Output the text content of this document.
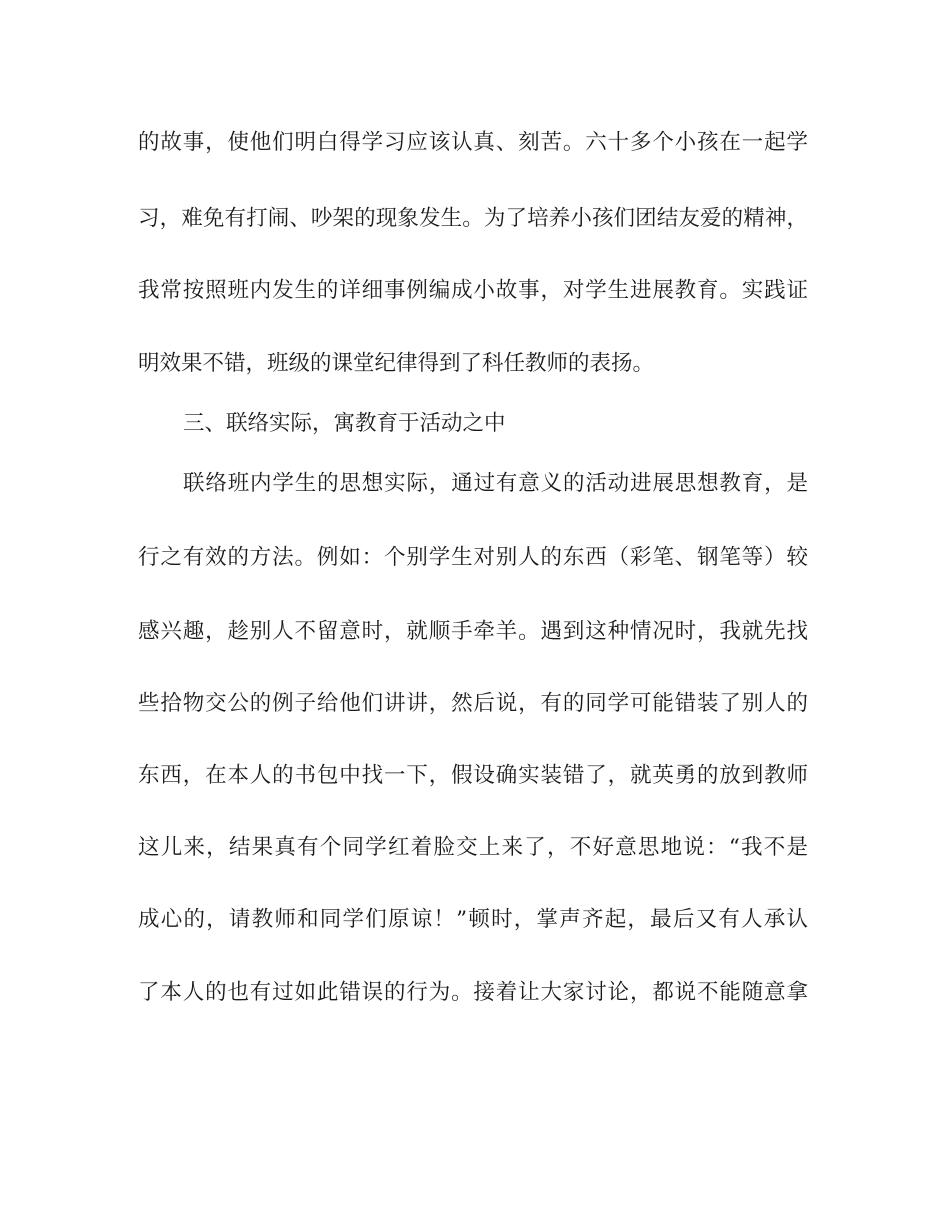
的故事，使他们明白得学习应该认真、刻苦。六十多个小孩在一起学
习，难免有打闹、吵架的现象发生。为了培养小孩们团结友爱的精神，
我常按照班内发生的详细事例编成小故事，对学生进展教育。实践证
明效果不错，班级的课堂纪律得到了科任教师的表扬。
三、联络实际，寓教育于活动之中
联络班内学生的思想实际，通过有意义的活动进展思想教育，是
行之有效的方法。例如：个别学生对别人的东西（彩笔、钢笔等）较
感兴趣，趁别人不留意时，就顺手牵羊。遇到这种情况时，我就先找
些拾物交公的例子给他们讲讲，然后说，有的同学可能错装了别人的
东西，在本人的书包中找一下，假设确实装错了，就英勇的放到教师
这儿来，结果真有个同学红着脸交上来了，不好意思地说：“我不是
成心的，请教师和同学们原谅！”顿时，掌声齐起，最后又有人承认
了本人的也有过如此错误的行为。接着让大家讨论，都说不能随意拿
